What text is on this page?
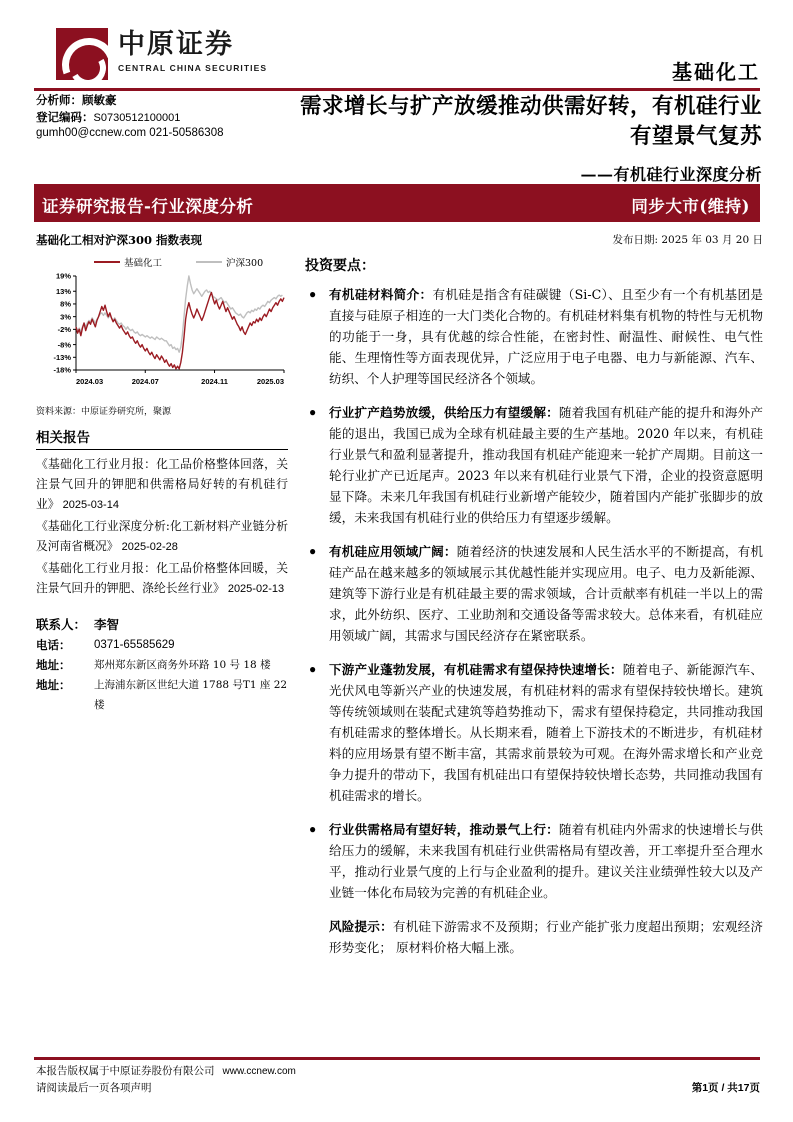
中原证券
CENTRAL CHINA SECURITIES	基础化工
分析师：顾敏豪
登记编码：S0730512100001
gumh00@ccnew.com 021-50586308
需求增长与扩产放缓推动供需好转，有机硅行业有望景气复苏
——有机硅行业深度分析
证券研究报告-行业深度分析	同步大市(维持)
基础化工相对沪深300 指数表现
基础化工	沪深300
19%
13%
8%
3%
-2%
-8%
-13%
-18%
2024.03	2024.07	2024.11	2025.03
资料来源：中原证券研究所，聚源
相关报告
《基础化工行业月报：化工品价格整体回落，关注景气回升的钾肥和供需格局好转的有机硅行业》 2025-03-14
《基础化工行业深度分析:化工新材料产业链分析及河南省概况》 2025-02-28
《基础化工行业月报：化工品价格整体回暖，关注景气回升的钾肥、涤纶长丝行业》 2025-02-13
联系人： 李智
电话：	0371-65585629
地址：	郑州郑东新区商务外环路 10 号 18 楼
地址：	上海浦东新区世纪大道 1788 号T1 座 22 楼
发布日期: 2025 年 03 月 20 日
投资要点：
●	有机硅材料简介：有机硅是指含有硅碳键（Si-C）、且至少有一个有机基团是直接与硅原子相连的一大门类化合物的。有机硅材料集有机物的特性与无机物的功能于一身，具有优越的综合性能，在密封性、耐温性、耐候性、电气性能、生理惰性等方面表现优异，广泛应用于电子电器、电力与新能源、汽车、纺织、个人护理等国民经济各个领域。
●	行业扩产趋势放缓，供给压力有望缓解：随着我国有机硅产能的提升和海外产能的退出，我国已成为全球有机硅最主要的生产基地。2020 年以来，有机硅行业景气和盈利显著提升，推动我国有机硅产能迎来一轮扩产周期。目前这一轮行业扩产已近尾声。2023 年以来有机硅行业景气下滑，企业的投资意愿明显下降。未来几年我国有机硅行业新增产能较少，随着国内产能扩张脚步的放缓，未来我国有机硅行业的供给压力有望逐步缓解。
●	有机硅应用领域广阔：随着经济的快速发展和人民生活水平的不断提高，有机硅产品在越来越多的领域展示其优越性能并实现应用。电子、电力及新能源、建筑等下游行业是有机硅最主要的需求领域，合计贡献率有机硅一半以上的需求，此外纺织、医疗、工业助剂和交通设备等需求较大。总体来看，有机硅应用领域广阔，其需求与国民经济存在紧密联系。
●	下游产业蓬勃发展，有机硅需求有望保持快速增长：随着电子、新能源汽车、光伏风电等新兴产业的快速发展，有机硅材料的需求有望保持较快增长。建筑等传统领域则在装配式建筑等趋势推动下，需求有望保持稳定，共同推动我国有机硅需求的整体增长。从长期来看，随着上下游技术的不断进步，有机硅材料的应用场景有望不断丰富，其需求前景较为可观。在海外需求增长和产业竞争力提升的带动下，我国有机硅出口有望保持较快增长态势，共同推动我国有机硅需求的增长。
●	行业供需格局有望好转，推动景气上行：随着有机硅内外需求的快速增长与供给压力的缓解，未来我国有机硅行业供需格局有望改善，开工率提升至合理水平，推动行业景气度的上行与企业盈利的提升。建议关注业绩弹性较大以及产业链一体化布局较为完善的有机硅企业。
风险提示：有机硅下游需求不及预期；行业产能扩张力度超出预期；宏观经济形势变化； 原材料价格大幅上涨。
本报告版权属于中原证券股份有限公司 www.ccnew.com
请阅读最后一页各项声明	第1页 / 共17页
